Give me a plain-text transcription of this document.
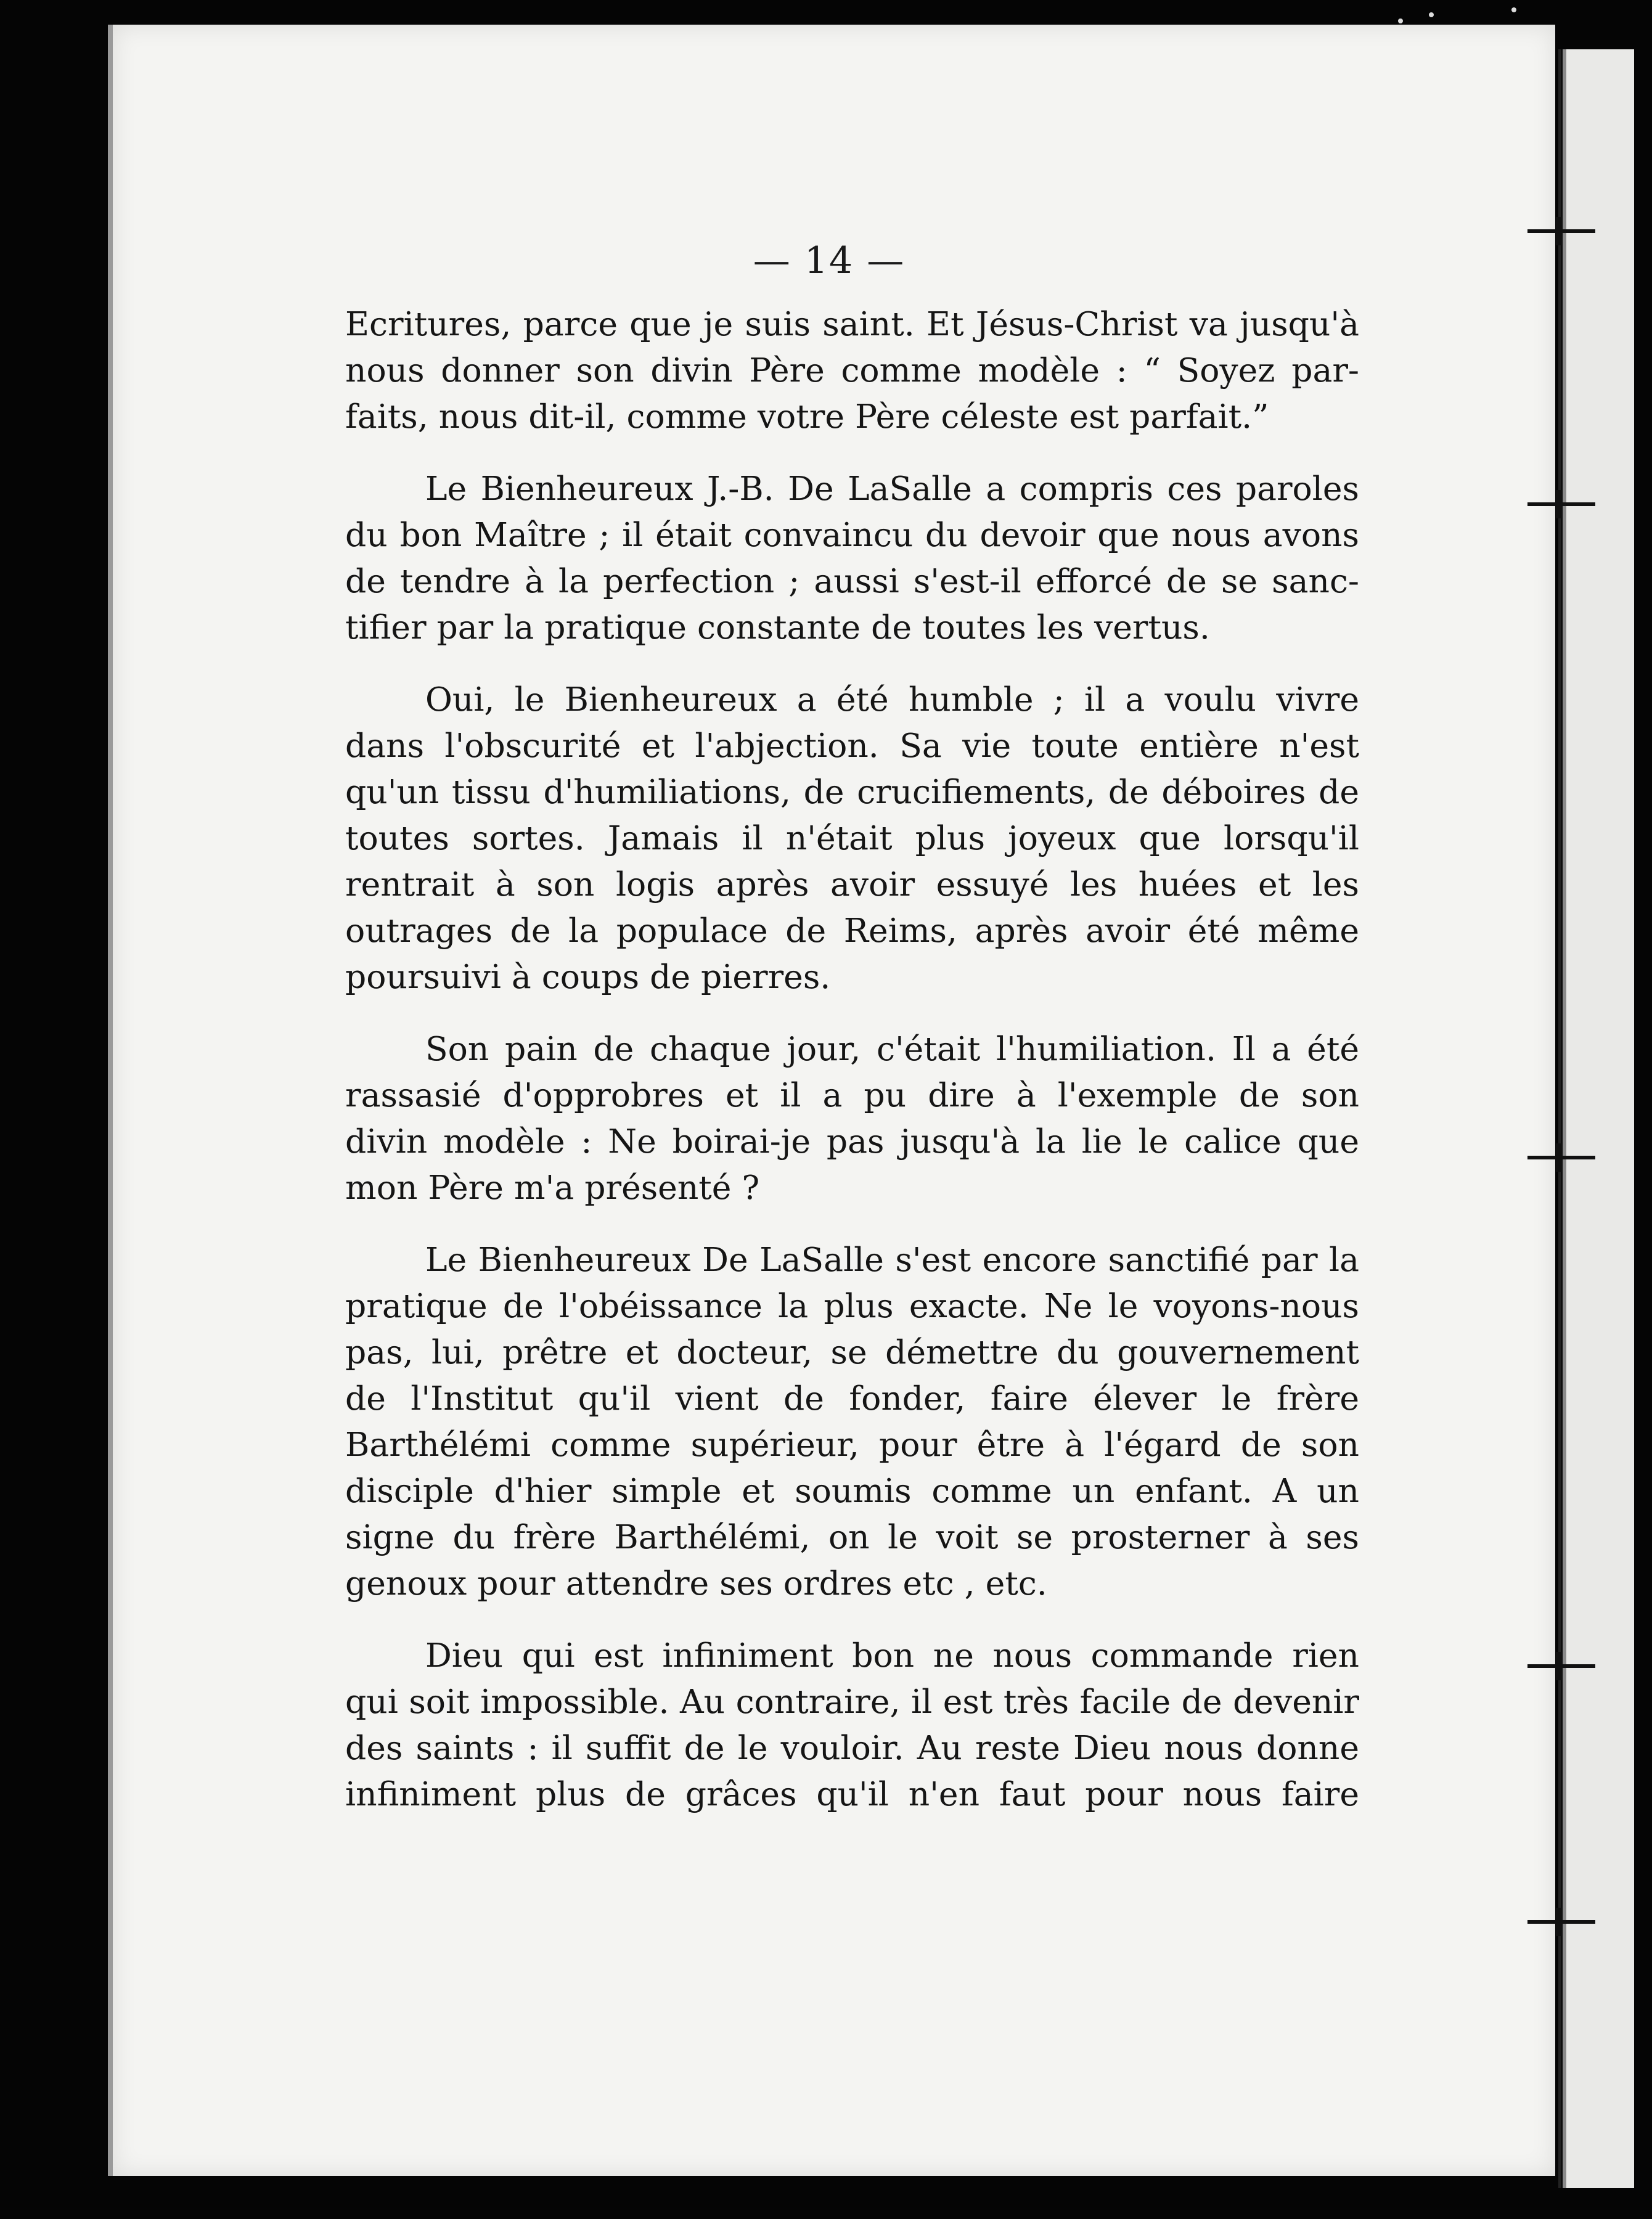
— 14 —
Ecritures, parce que je suis saint. Et Jésus-Christ va jusqu'à
nous donner son divin Père comme modèle : “ Soyez par-
faits, nous dit-il, comme votre Père céleste est parfait.”
Le Bienheureux J.-B. De LaSalle a compris ces paroles
du bon Maître ; il était convaincu du devoir que nous avons
de tendre à la perfection ; aussi s'est-il efforcé de se sanc-
tifier par la pratique constante de toutes les vertus.
Oui, le Bienheureux a été humble ; il a voulu vivre
dans l'obscurité et l'abjection. Sa vie toute entière n'est
qu'un tissu d'humiliations, de crucifiements, de déboires de
toutes sortes. Jamais il n'était plus joyeux que lorsqu'il
rentrait à son logis après avoir essuyé les huées et les
outrages de la populace de Reims, après avoir été même
poursuivi à coups de pierres.
Son pain de chaque jour, c'était l'humiliation. Il a été
rassasié d'opprobres et il a pu dire à l'exemple de son
divin modèle : Ne boirai-je pas jusqu'à la lie le calice que
mon Père m'a présenté ?
Le Bienheureux De LaSalle s'est encore sanctifié par la
pratique de l'obéissance la plus exacte. Ne le voyons-nous
pas, lui, prêtre et docteur, se démettre du gouvernement
de l'Institut qu'il vient de fonder, faire élever le frère
Barthélémi comme supérieur, pour être à l'égard de son
disciple d'hier simple et soumis comme un enfant. A un
signe du frère Barthélémi, on le voit se prosterner à ses
genoux pour attendre ses ordres etc , etc.
Dieu qui est infiniment bon ne nous commande rien
qui soit impossible. Au contraire, il est très facile de devenir
des saints : il suffit de le vouloir. Au reste Dieu nous donne
infiniment plus de grâces qu'il n'en faut pour nous faire
